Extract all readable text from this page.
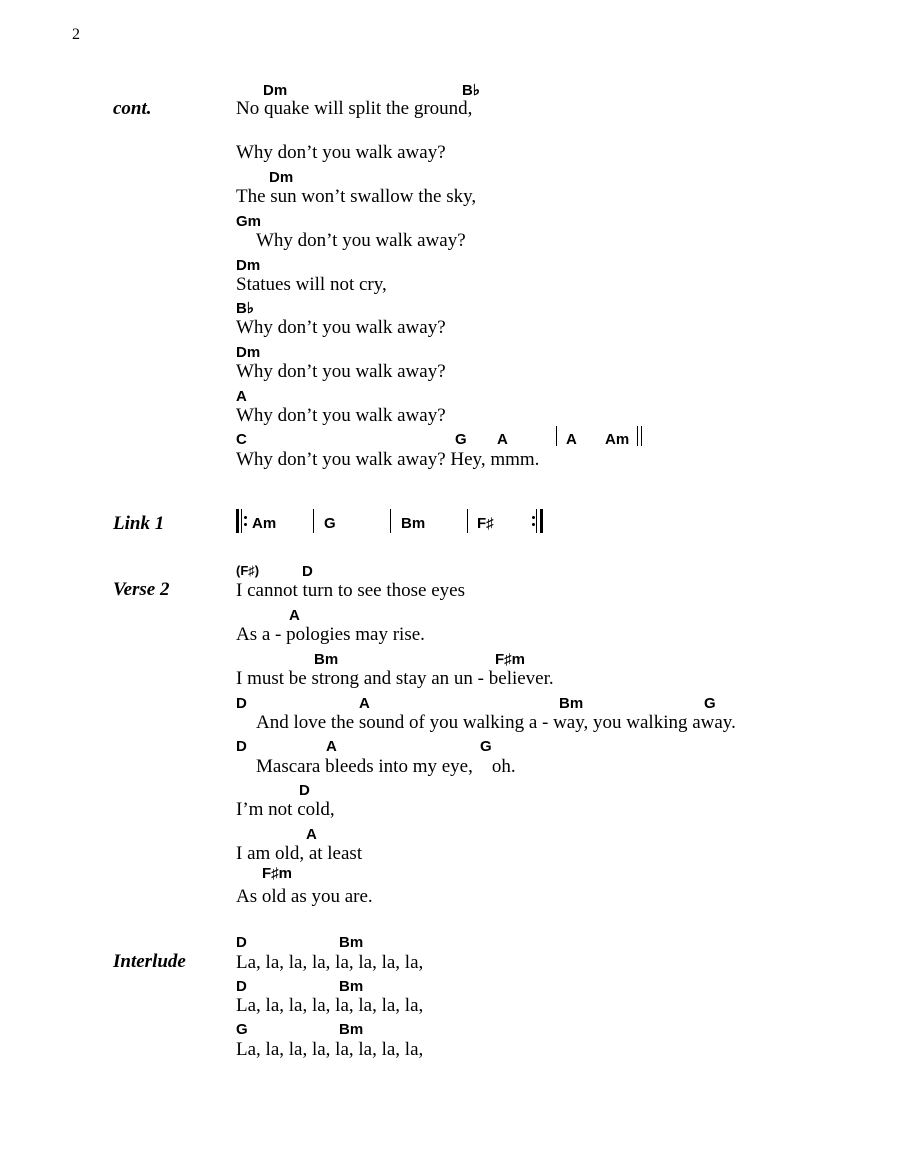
2
cont.
Dm	B♭
No quake will split the ground,
Why don’t you walk away?
Dm
The sun won’t swallow the sky,
Gm
Why don’t you walk away?
Dm
Statues will not cry,
B♭
Why don’t you walk away?
Dm
Why don’t you walk away?
A
Why don’t you walk away?
C	G A	A Am
Why don’t you walk away? Hey, mmm.
Link 1	Am	G	Bm	F♯
Verse 2
(F♯)	D
I cannot turn to see those eyes
A
As a - pologies may rise.
Bm	F♯m
I must be strong and stay an un - believer.
D	A	Bm	G
And love the sound of you walking a - way, you walking away.
D	A	G
Mascara bleeds into my eye,    oh.
D
I’m not cold,
A
I am old, at least
F♯m
As old as you are.
Interlude
D	Bm
La, la, la, la, la, la, la, la,
D	Bm
La, la, la, la, la, la, la, la,
G	Bm
La, la, la, la, la, la, la, la,
